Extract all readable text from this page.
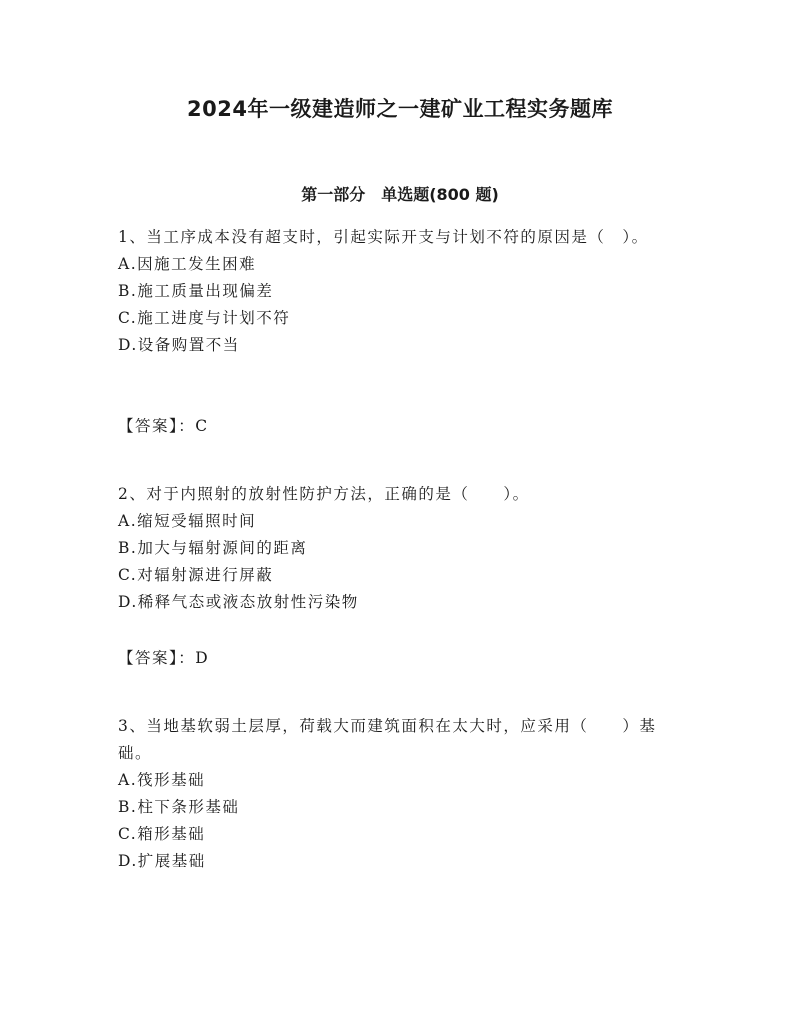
2024年一级建造师之一建矿业工程实务题库
第一部分　单选题(800 题)

1、当工序成本没有超支时，引起实际开支与计划不符的原因是（　）。

A.因施工发生困难

B.施工质量出现偏差

C.施工进度与计划不符

D.设备购置不当

【答案】：C

2、对于内照射的放射性防护方法，正确的是（　　）。

A.缩短受辐照时间

B.加大与辐射源间的距离

C.对辐射源进行屏蔽

D.稀释气态或液态放射性污染物

【答案】：D

3、当地基软弱土层厚，荷载大而建筑面积在太大时，应采用（　　）基础。

A.筏形基础

B.柱下条形基础

C.箱形基础

D.扩展基础
